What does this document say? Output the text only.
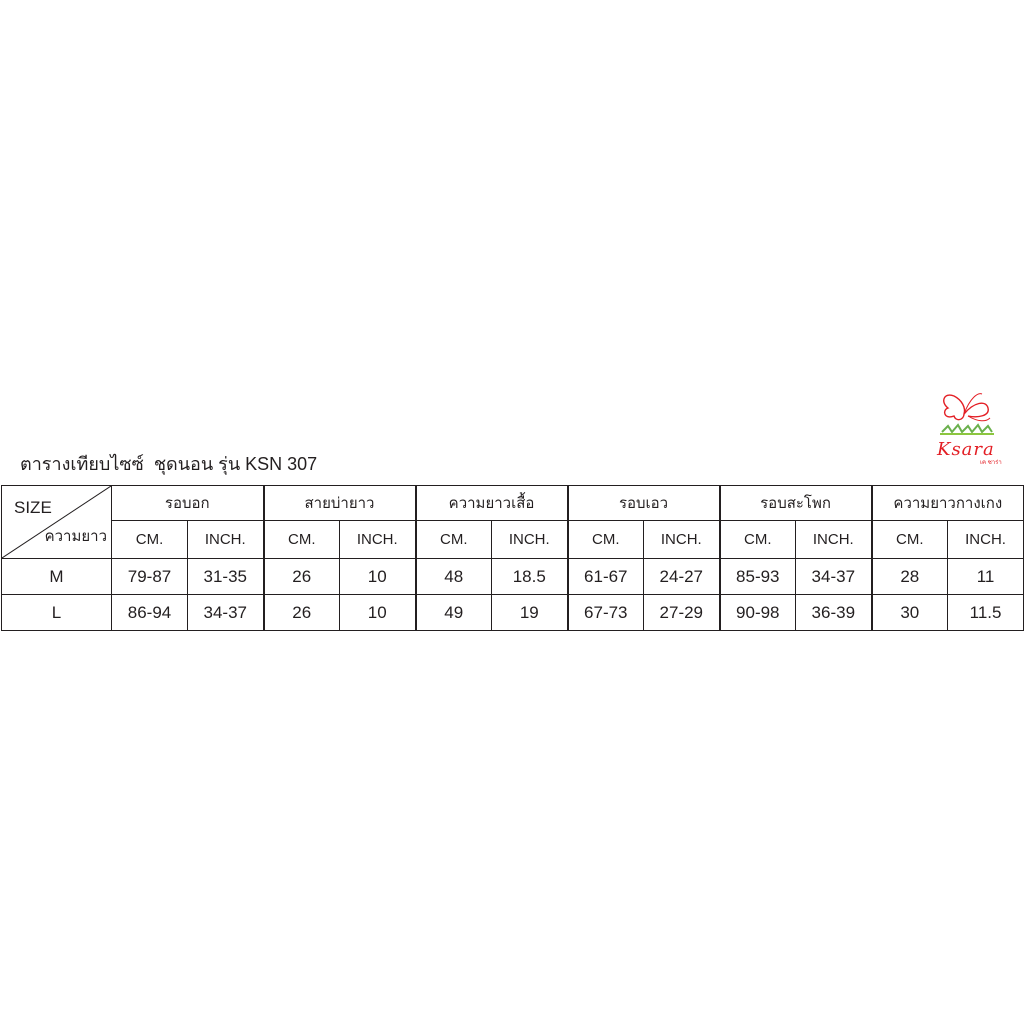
ตารางเทียบไซซ์  ชุดนอน รุ่น KSN 307
Ksara
เค ซาร่า
SIZE
ความยาว	รอบอก		สายบ่ายาว		ความยาวเสื้อ		รอบเอว		รอบสะโพก		ความยาวกางเกง	
	CM.	INCH.	CM.	INCH.	CM.	INCH.	CM.	INCH.	CM.	INCH.	CM.	INCH.
M	79-87	31-35	26	10	48	18.5	61-67	24-27	85-93	34-37	28	11
L	86-94	34-37	26	10	49	19	67-73	27-29	90-98	36-39	30	11.5
